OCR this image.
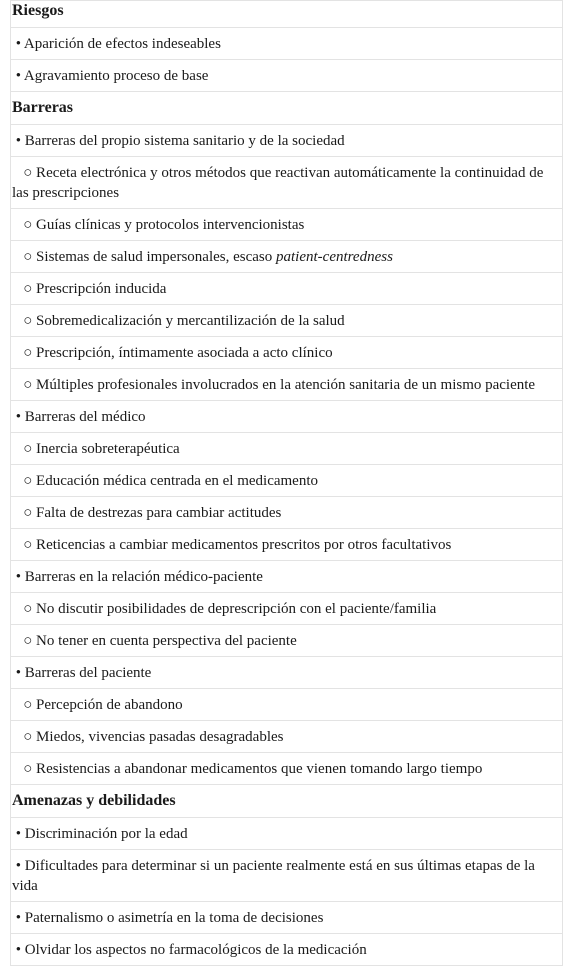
Riesgos
• Aparición de efectos indeseables
• Agravamiento proceso de base
Barreras
• Barreras del propio sistema sanitario y de la sociedad
○ Receta electrónica y otros métodos que reactivan automáticamente la continuidad de las prescripciones
○ Guías clínicas y protocolos intervencionistas
○ Sistemas de salud impersonales, escaso patient-centredness
○ Prescripción inducida
○ Sobremedicalización y mercantilización de la salud
○ Prescripción, íntimamente asociada a acto clínico
○ Múltiples profesionales involucrados en la atención sanitaria de un mismo paciente
• Barreras del médico
○ Inercia sobreterapéutica
○ Educación médica centrada en el medicamento
○ Falta de destrezas para cambiar actitudes
○ Reticencias a cambiar medicamentos prescritos por otros facultativos
• Barreras en la relación médico-paciente
○ No discutir posibilidades de deprescripción con el paciente/familia
○ No tener en cuenta perspectiva del paciente
• Barreras del paciente
○ Percepción de abandono
○ Miedos, vivencias pasadas desagradables
○ Resistencias a abandonar medicamentos que vienen tomando largo tiempo
Amenazas y debilidades
• Discriminación por la edad
• Dificultades para determinar si un paciente realmente está en sus últimas etapas de la vida
• Paternalismo o asimetría en la toma de decisiones
• Olvidar los aspectos no farmacológicos de la medicación
